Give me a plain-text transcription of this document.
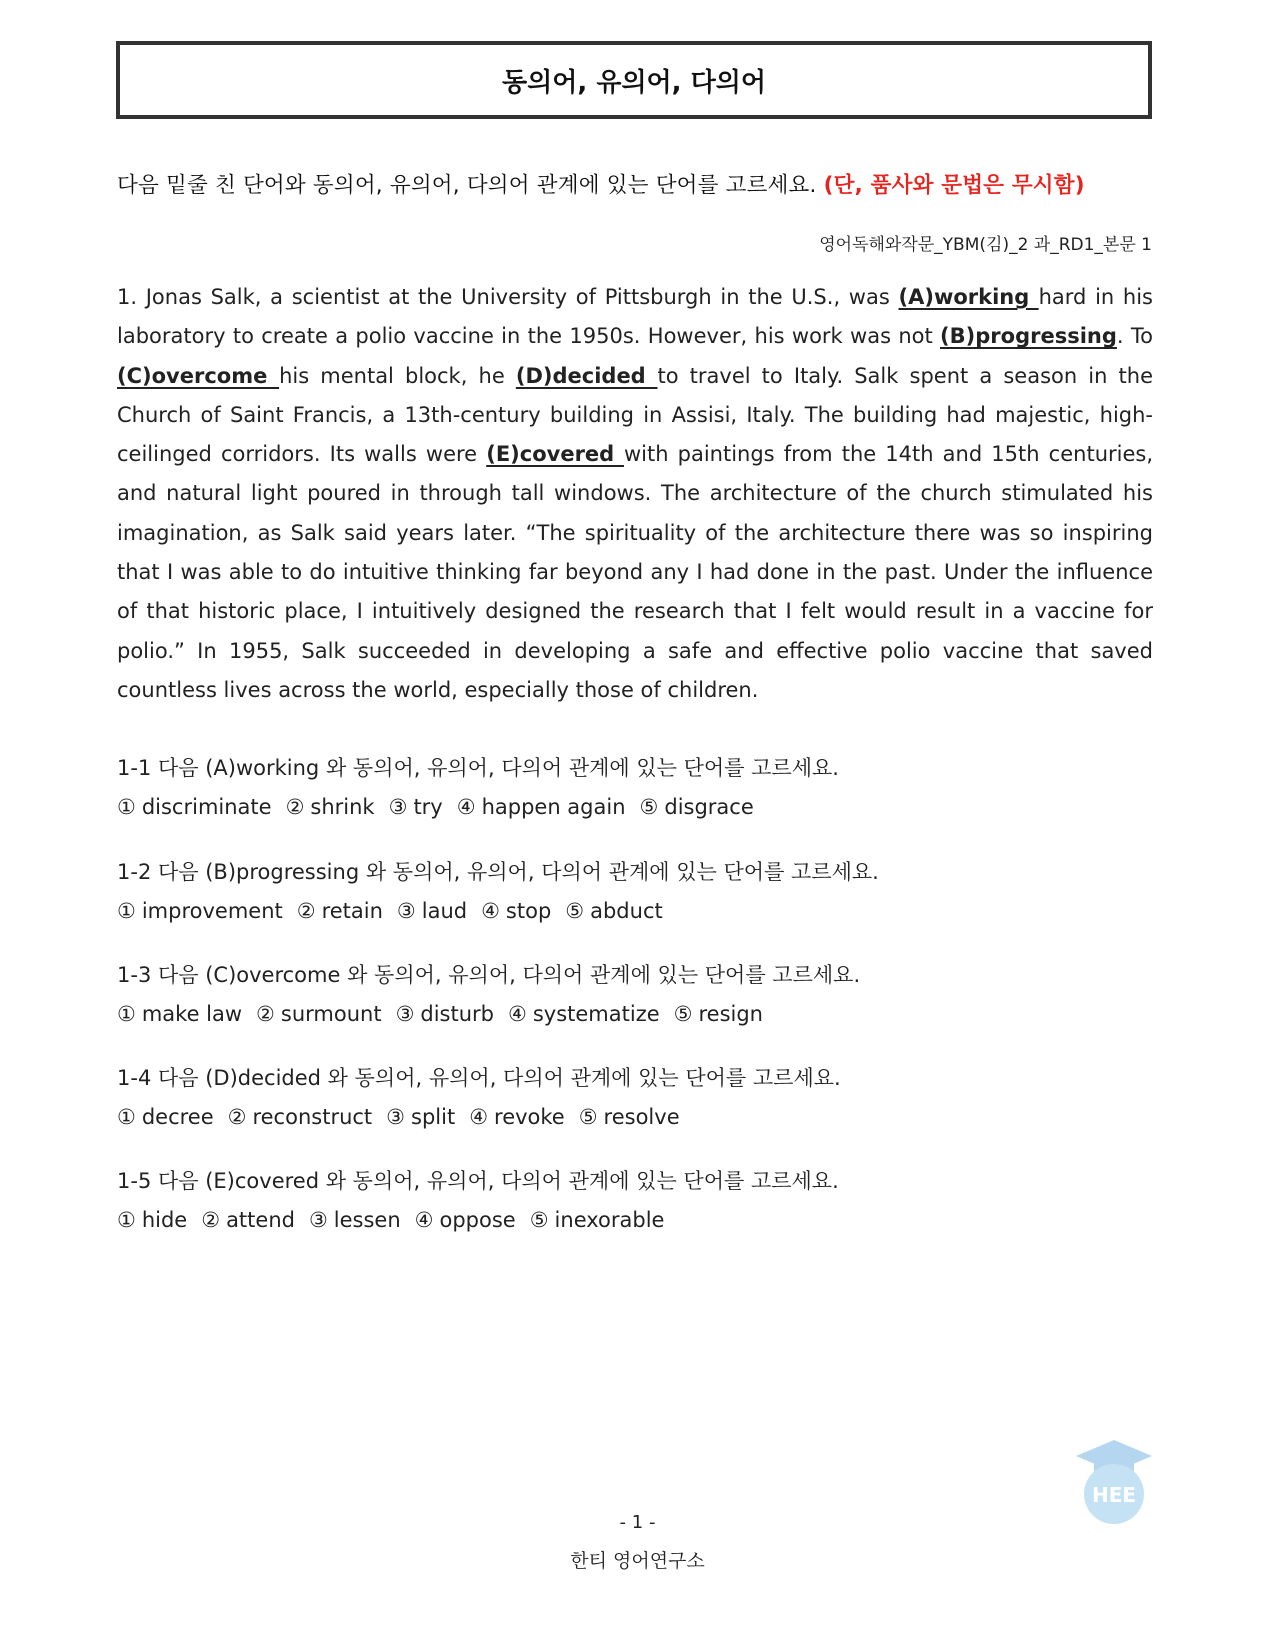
동의어, 유의어, 다의어
다음 밑줄 친 단어와 동의어, 유의어, 다의어 관계에 있는 단어를 고르세요. (단, 품사와 문법은 무시함)
영어독해와작문_YBM(김)_2 과_RD1_본문 1
1. Jonas Salk, a scientist at the University of Pittsburgh in the U.S., was (A)working hard in his laboratory to create a polio vaccine in the 1950s. However, his work was not (B)progressing. To (C)overcome his mental block, he (D)decided to travel to Italy. Salk spent a season in the Church of Saint Francis, a 13th-century building in Assisi, Italy. The building had majestic, high-ceilinged corridors. Its walls were (E)covered with paintings from the 14th and 15th centuries, and natural light poured in through tall windows. The architecture of the church stimulated his imagination, as Salk said years later. “The spirituality of the architecture there was so inspiring that I was able to do intuitive thinking far beyond any I had done in the past. Under the influence of that historic place, I intuitively designed the research that I felt would result in a vaccine for polio.” In 1955, Salk succeeded in developing a safe and effective polio vaccine that saved countless lives across the world, especially those of children.
1-1 다음 (A)working 와 동의어, 유의어, 다의어 관계에 있는 단어를 고르세요.
① discriminate ② shrink ③ try ④ happen again ⑤ disgrace
1-2 다음 (B)progressing 와 동의어, 유의어, 다의어 관계에 있는 단어를 고르세요.
① improvement ② retain ③ laud ④ stop ⑤ abduct
1-3 다음 (C)overcome 와 동의어, 유의어, 다의어 관계에 있는 단어를 고르세요.
① make law ② surmount ③ disturb ④ systematize ⑤ resign
1-4 다음 (D)decided 와 동의어, 유의어, 다의어 관계에 있는 단어를 고르세요.
① decree ② reconstruct ③ split ④ revoke ⑤ resolve
1-5 다음 (E)covered 와 동의어, 유의어, 다의어 관계에 있는 단어를 고르세요.
① hide ② attend ③ lessen ④ oppose ⑤ inexorable
- 1 -
한티 영어연구소
HEE
